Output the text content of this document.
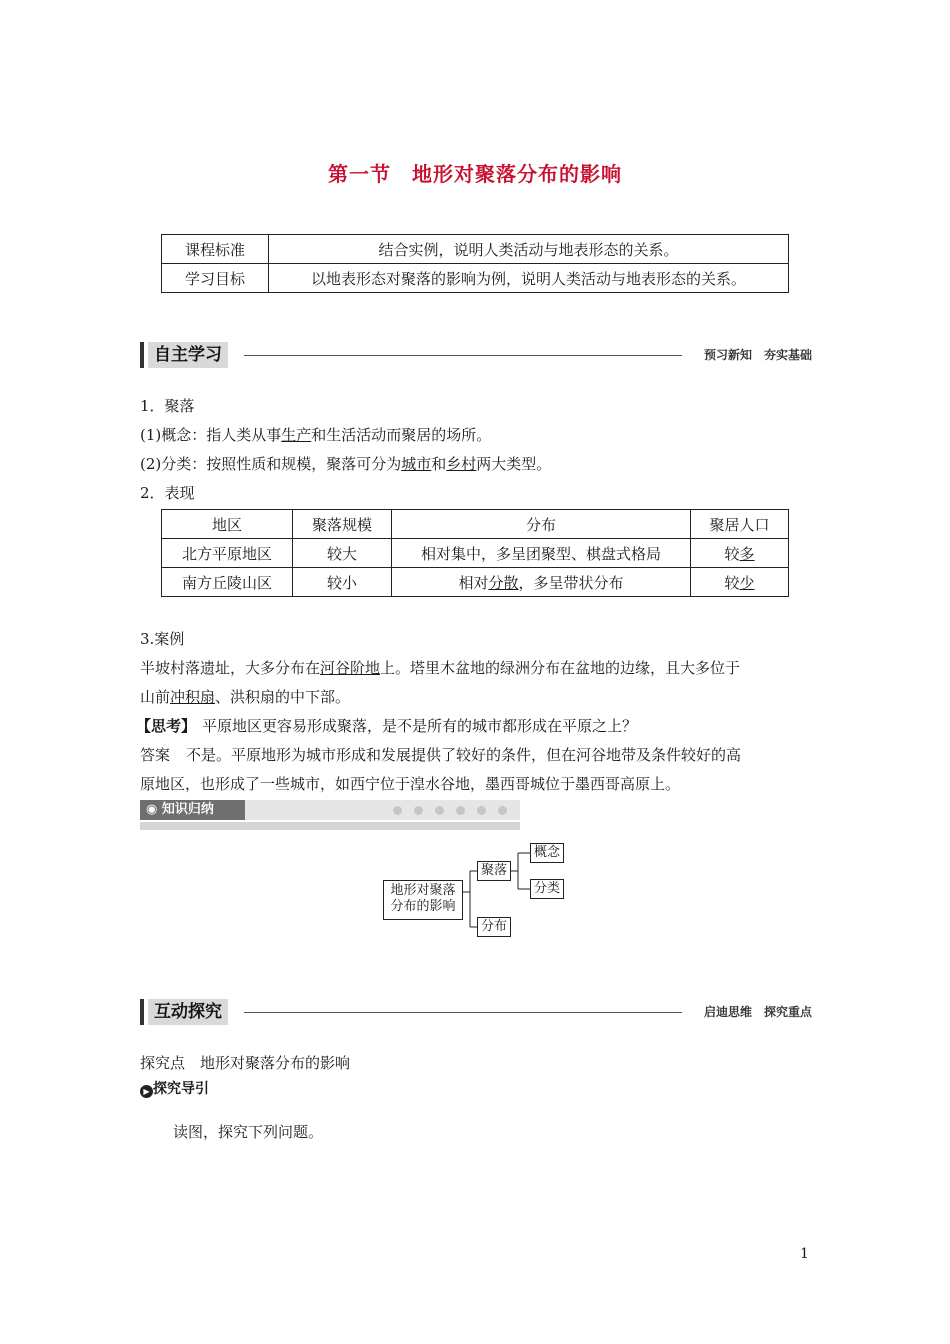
第一节　地形对聚落分布的影响
课程标准	结合实例，说明人类活动与地表形态的关系。
学习目标	以地表形态对聚落的影响为例，说明人类活动与地表形态的关系。
自主学习	预习新知　夯实基础
1．聚落
(1)概念：指人类从事生产和生活活动而聚居的场所。
(2)分类：按照性质和规模，聚落可分为城市和乡村两大类型。
2．表现
地区	聚落规模	分布	聚居人口
北方平原地区	较大	相对集中，多呈团聚型、棋盘式格局	较多
南方丘陵山区	较小	相对分散，多呈带状分布	较少
3.案例
半坡村落遗址，大多分布在河谷阶地上。塔里木盆地的绿洲分布在盆地的边缘，且大多位于
山前冲积扇、洪积扇的中下部。
【思考】 平原地区更容易形成聚落，是不是所有的城市都形成在平原之上？
答案 不是。平原地形为城市形成和发展提供了较好的条件，但在河谷地带及条件较好的高
原地区，也形成了一些城市，如西宁位于湟水谷地，墨西哥城位于墨西哥高原上。
◉ 知识归纳
地形对聚落
分布的影响
聚落
概念
分类
分布
互动探究	启迪思维　探究重点
探究点　地形对聚落分布的影响
▶ 探究导引
读图，探究下列问题。
1
